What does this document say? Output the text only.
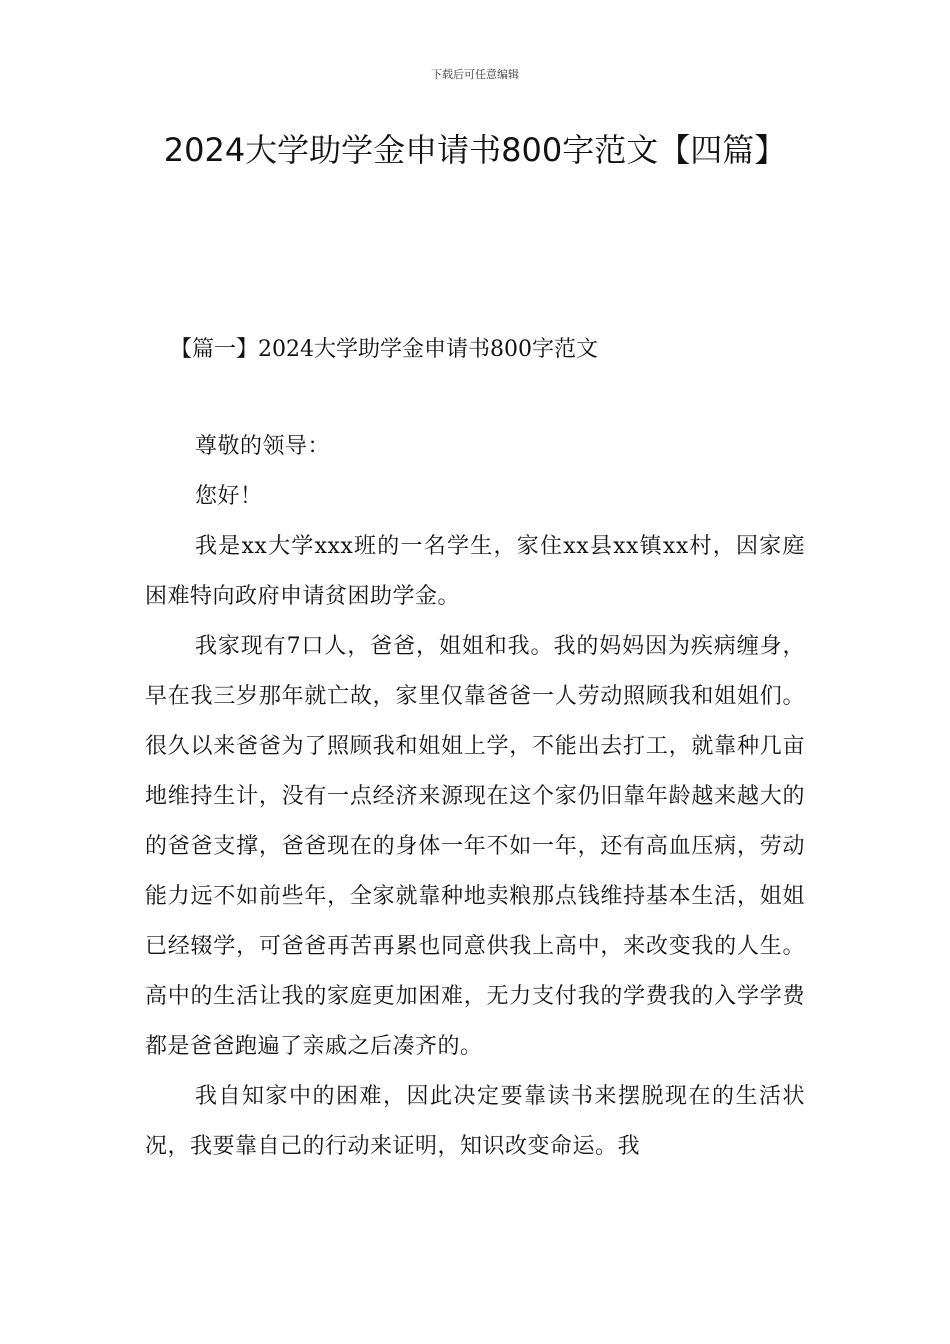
下载后可任意编辑
2024大学助学金申请书800字范文【四篇】
【篇一】2024大学助学金申请书800字范文

尊敬的领导：

您好！

我是xx大学xxx班的一名学生，家住xx县xx镇xx村，因家庭困难特向政府申请贫困助学金。

我家现有7口人，爸爸，姐姐和我。我的妈妈因为疾病缠身，早在我三岁那年就亡故，家里仅靠爸爸一人劳动照顾我和姐姐们。很久以来爸爸为了照顾我和姐姐上学，不能出去打工，就靠种几亩地维持生计，没有一点经济来源现在这个家仍旧靠年龄越来越大的的爸爸支撑，爸爸现在的身体一年不如一年，还有高血压病，劳动能力远不如前些年，全家就靠种地卖粮那点钱维持基本生活，姐姐已经辍学，可爸爸再苦再累也同意供我上高中，来改变我的人生。高中的生活让我的家庭更加困难，无力支付我的学费我的入学学费都是爸爸跑遍了亲戚之后凑齐的。

我自知家中的困难，因此决定要靠读书来摆脱现在的生活状况，我要靠自己的行动来证明，知识改变命运。我
